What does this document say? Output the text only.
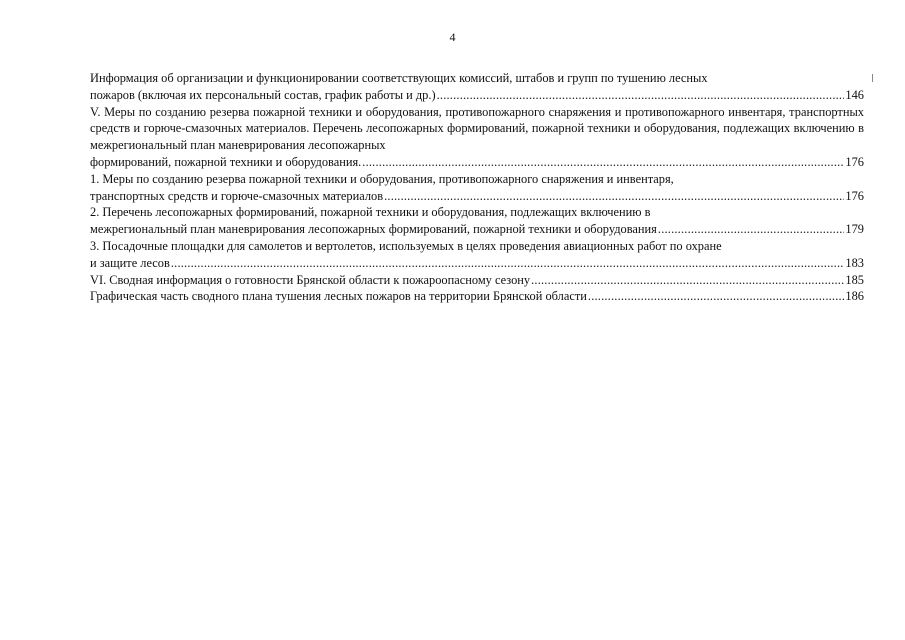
4
Информация об организации и функционировании соответствующих комиссий, штабов и групп по тушению лесных
пожаров (включая их персональный состав, график работы и др.) .....	146
V. Меры по созданию резерва пожарной техники и оборудования, противопожарного снаряжения и противопожарного инвентаря, транспортных средств и горюче-смазочных материалов. Перечень лесопожарных формирований, пожарной техники и оборудования, подлежащих включению в межрегиональный план маневрирования лесопожарных
формирований, пожарной техники и оборудования. .....	176
1. Меры по созданию резерва пожарной техники и оборудования, противопожарного снаряжения и инвентаря,
транспортных средств и горюче-смазочных материалов .....	176
2. Перечень лесопожарных формирований, пожарной техники и оборудования, подлежащих включению в
межрегиональный план маневрирования лесопожарных формирований, пожарной техники и оборудования .....	179
3. Посадочные площадки для самолетов и вертолетов, используемых в целях проведения авиационных работ по охране
и защите лесов .....	183
VI. Сводная информация о готовности Брянской области к пожароопасному сезону .....	185
Графическая часть сводного плана тушения лесных пожаров на территории Брянской области .....	186
